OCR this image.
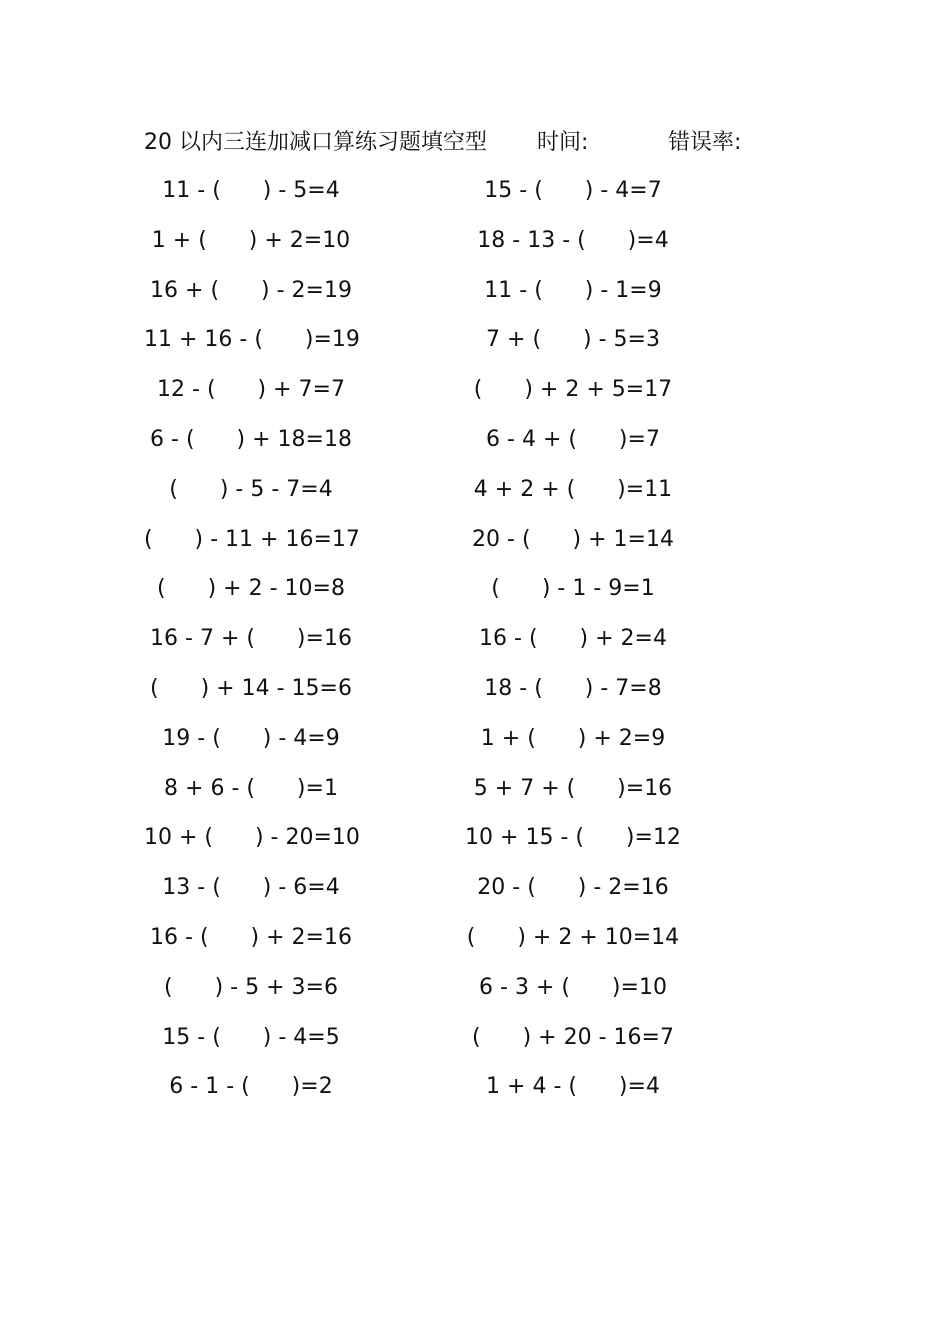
20 以内三连加减口算练习题填空型 时间:	错误率:
11 - (      ) - 5=4
1 + (      ) + 2=10
16 + (      ) - 2=19
11 + 16 - (      )=19
12 - (      ) + 7=7
6 - (      ) + 18=18
(      ) - 5 - 7=4
(      ) - 11 + 16=17
(      ) + 2 - 10=8
16 - 7 + (      )=16
(      ) + 14 - 15=6
19 - (      ) - 4=9
8 + 6 - (      )=1
10 + (      ) - 20=10
13 - (      ) - 6=4
16 - (      ) + 2=16
(      ) - 5 + 3=6
15 - (      ) - 4=5
6 - 1 - (      )=2
15 - (      ) - 4=7
18 - 13 - (      )=4
11 - (      ) - 1=9
7 + (      ) - 5=3
(      ) + 2 + 5=17
6 - 4 + (      )=7
4 + 2 + (      )=11
20 - (      ) + 1=14
(      ) - 1 - 9=1
16 - (      ) + 2=4
18 - (      ) - 7=8
1 + (      ) + 2=9
5 + 7 + (      )=16
10 + 15 - (      )=12
20 - (      ) - 2=16
(      ) + 2 + 10=14
6 - 3 + (      )=10
(      ) + 20 - 16=7
1 + 4 - (      )=4
